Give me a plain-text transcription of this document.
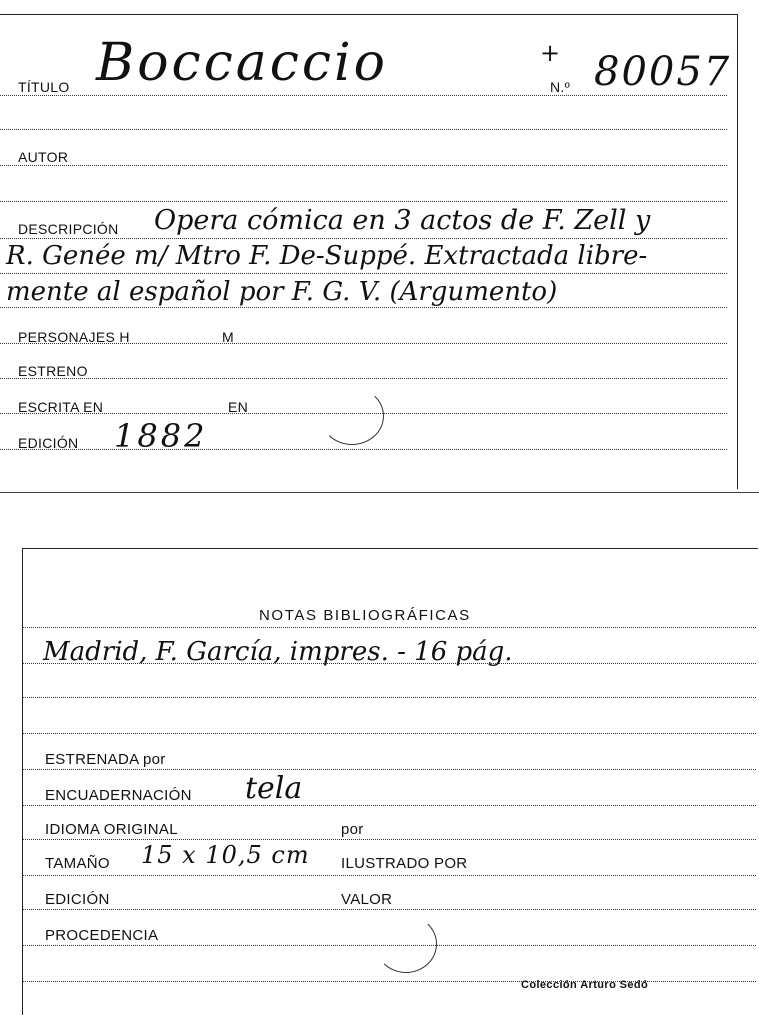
TÍTULO Boccaccio	+
N.º 80057
AUTOR
DESCRIPCIÓN Opera cómica en 3 actos de F. Zell y
R. Genée m/ Mtro F. De-Suppé. Extractada libre-
mente al español por F. G. V. (Argumento)
PERSONAJES H	M
ESTRENO
ESCRITA EN	EN
EDICIÓN 1882
NOTAS BIBLIOGRÁFICAS
Madrid, F. García, impres. - 16 pág.
ESTRENADA por
ENCUADERNACIÓN tela
IDIOMA ORIGINAL	por
TAMAÑO 15 x 10,5 cm ILUSTRADO POR
EDICIÓN	VALOR
PROCEDENCIA
Colección Arturo Sedó
